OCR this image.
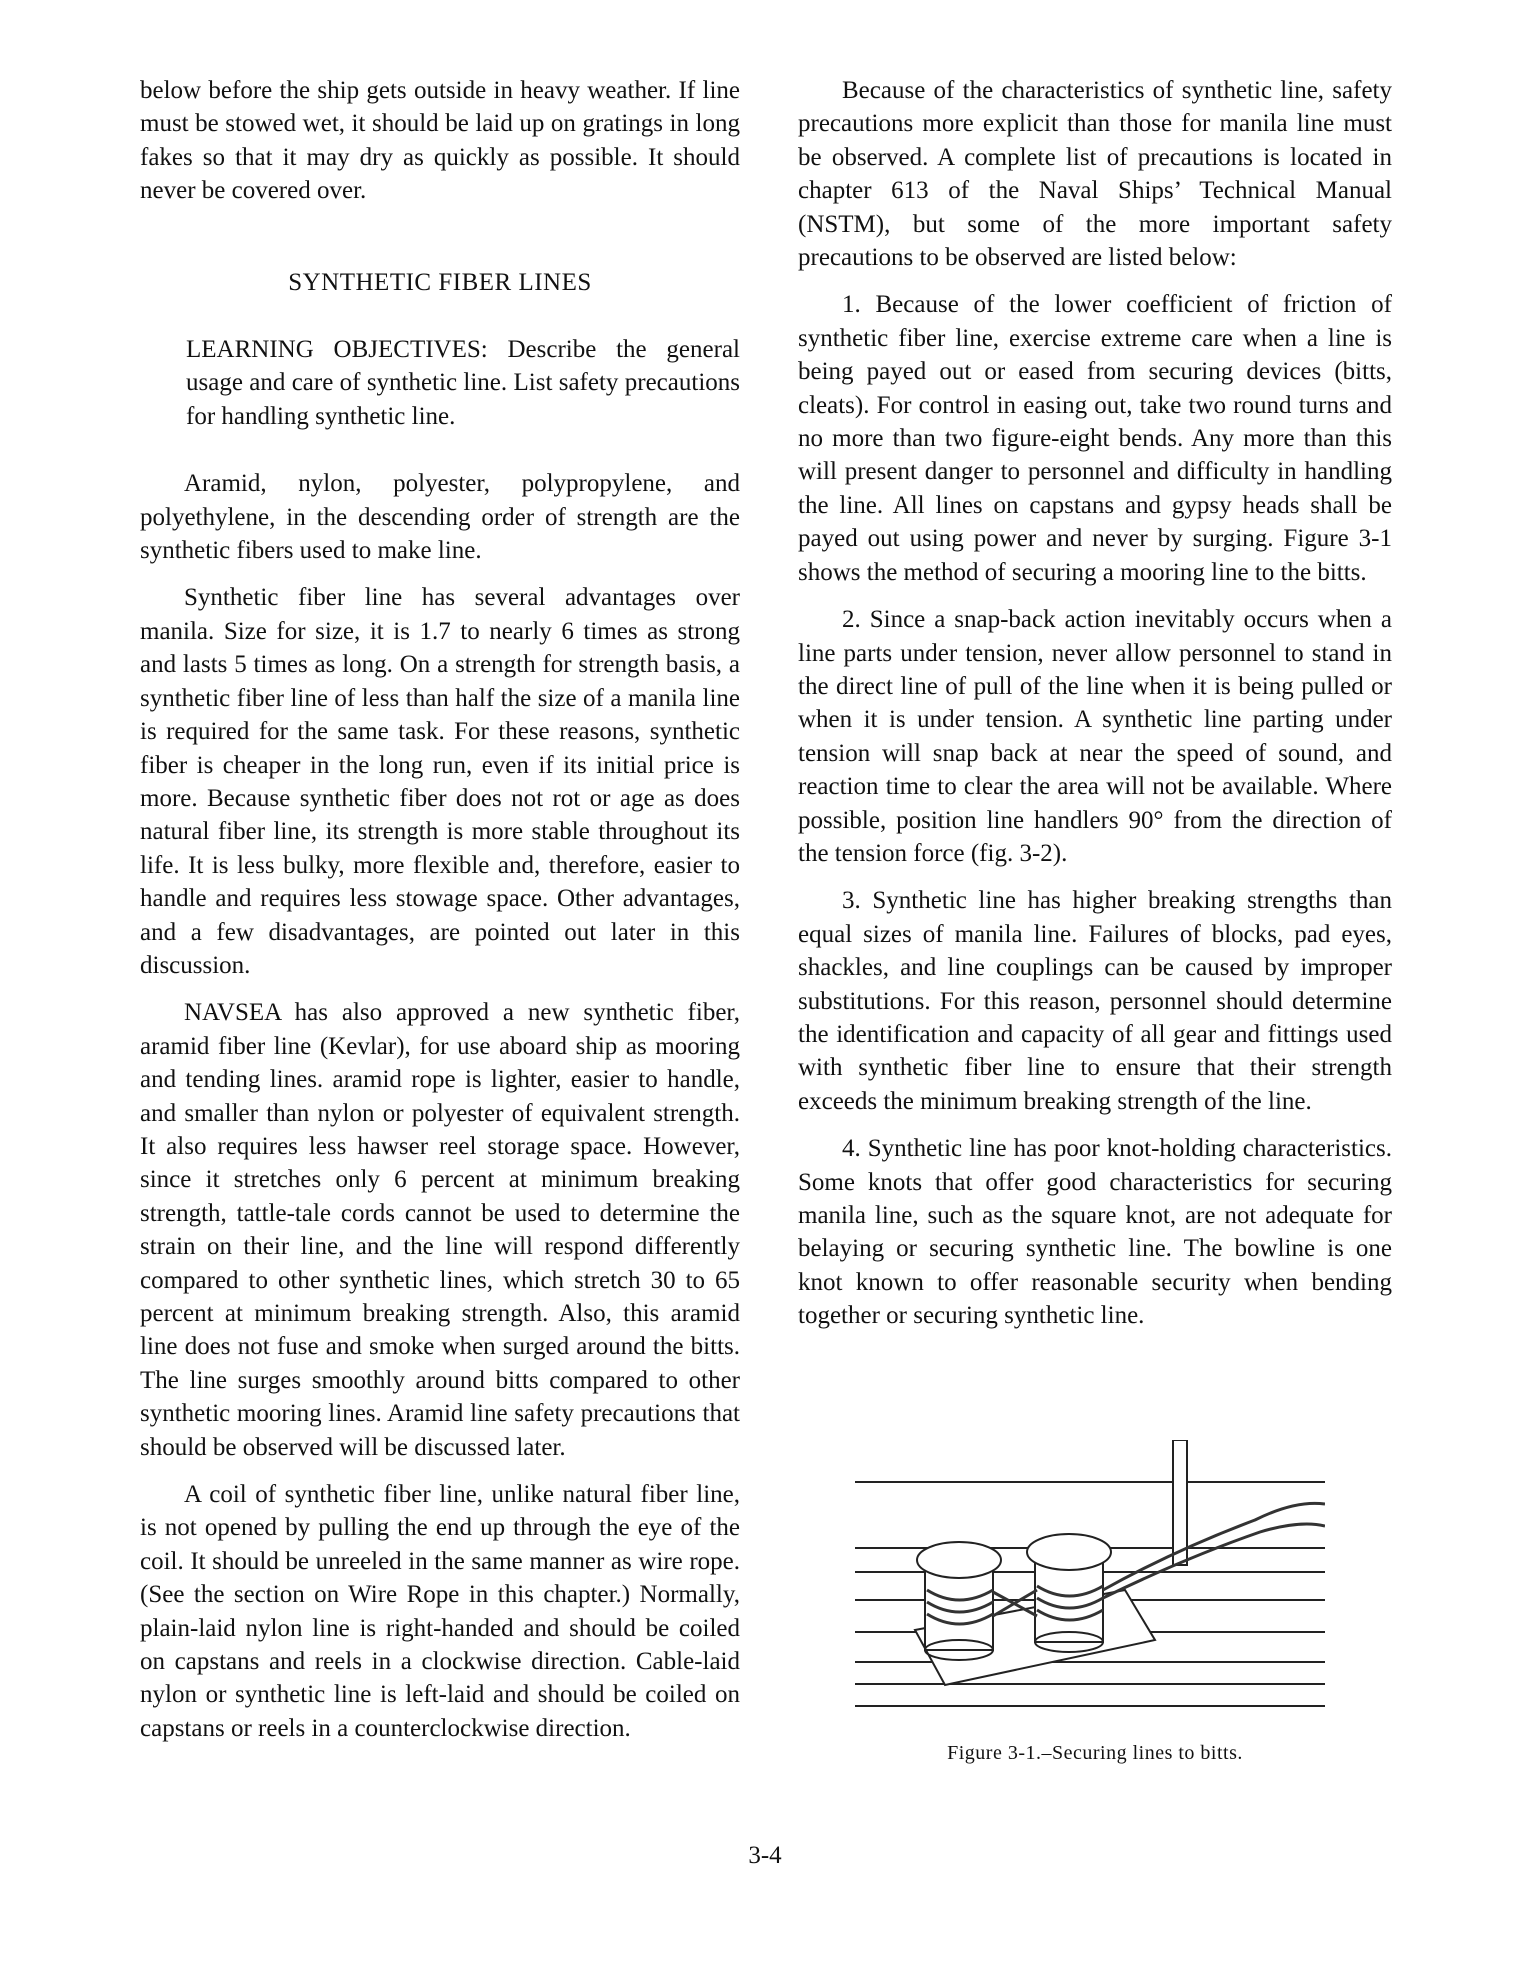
below before the ship gets outside in heavy weather. If line must be stowed wet, it should be laid up on gratings in long fakes so that it may dry as quickly as possible. It should never be covered over.

SYNTHETIC FIBER LINES
LEARNING OBJECTIVES: Describe the general usage and care of synthetic line. List safety precautions for handling synthetic line.

Aramid, nylon, polyester, polypropylene, and polyethylene, in the descending order of strength are the synthetic fibers used to make line.

Synthetic fiber line has several advantages over manila. Size for size, it is 1.7 to nearly 6 times as strong and lasts 5 times as long. On a strength for strength basis, a synthetic fiber line of less than half the size of a manila line is required for the same task. For these reasons, synthetic fiber is cheaper in the long run, even if its initial price is more. Because synthetic fiber does not rot or age as does natural fiber line, its strength is more stable throughout its life. It is less bulky, more flexible and, therefore, easier to handle and requires less stowage space. Other advantages, and a few disadvantages, are pointed out later in this discussion.

NAVSEA has also approved a new synthetic fiber, aramid fiber line (Kevlar), for use aboard ship as mooring and tending lines. aramid rope is lighter, easier to handle, and smaller than nylon or polyester of equivalent strength. It also requires less hawser reel storage space. However, since it stretches only 6 percent at minimum breaking strength, tattle-tale cords cannot be used to determine the strain on their line, and the line will respond differently compared to other synthetic lines, which stretch 30 to 65 percent at minimum breaking strength. Also, this aramid line does not fuse and smoke when surged around the bitts. The line surges smoothly around bitts compared to other synthetic mooring lines. Aramid line safety precautions that should be observed will be discussed later.

A coil of synthetic fiber line, unlike natural fiber line, is not opened by pulling the end up through the eye of the coil. It should be unreeled in the same manner as wire rope. (See the section on Wire Rope in this chapter.) Normally, plain-laid nylon line is right-handed and should be coiled on capstans and reels in a clockwise direction. Cable-laid nylon or synthetic line is left-laid and should be coiled on capstans or reels in a counterclockwise direction.

Because of the characteristics of synthetic line, safety precautions more explicit than those for manila line must be observed. A complete list of precautions is located in chapter 613 of the Naval Ships’ Technical Manual (NSTM), but some of the more important safety precautions to be observed are listed below:

1. Because of the lower coefficient of friction of synthetic fiber line, exercise extreme care when a line is being payed out or eased from securing devices (bitts, cleats). For control in easing out, take two round turns and no more than two figure-eight bends. Any more than this will present danger to personnel and difficulty in handling the line. All lines on capstans and gypsy heads shall be payed out using power and never by surging. Figure 3-1 shows the method of securing a mooring line to the bitts.

2. Since a snap-back action inevitably occurs when a line parts under tension, never allow personnel to stand in the direct line of pull of the line when it is being pulled or when it is under tension. A synthetic line parting under tension will snap back at near the speed of sound, and reaction time to clear the area will not be available. Where possible, position line handlers 90° from the direction of the tension force (fig. 3-2).

3. Synthetic line has higher breaking strengths than equal sizes of manila line. Failures of blocks, pad eyes, shackles, and line couplings can be caused by improper substitutions. For this reason, personnel should determine the identification and capacity of all gear and fittings used with synthetic fiber line to ensure that their strength exceeds the minimum breaking strength of the line.

4. Synthetic line has poor knot-holding characteristics. Some knots that offer good characteristics for securing manila line, such as the square knot, are not adequate for belaying or securing synthetic line. The bowline is one knot known to offer reasonable security when bending together or securing synthetic line.

Figure 3-1.–Securing lines to bitts.
3-4
